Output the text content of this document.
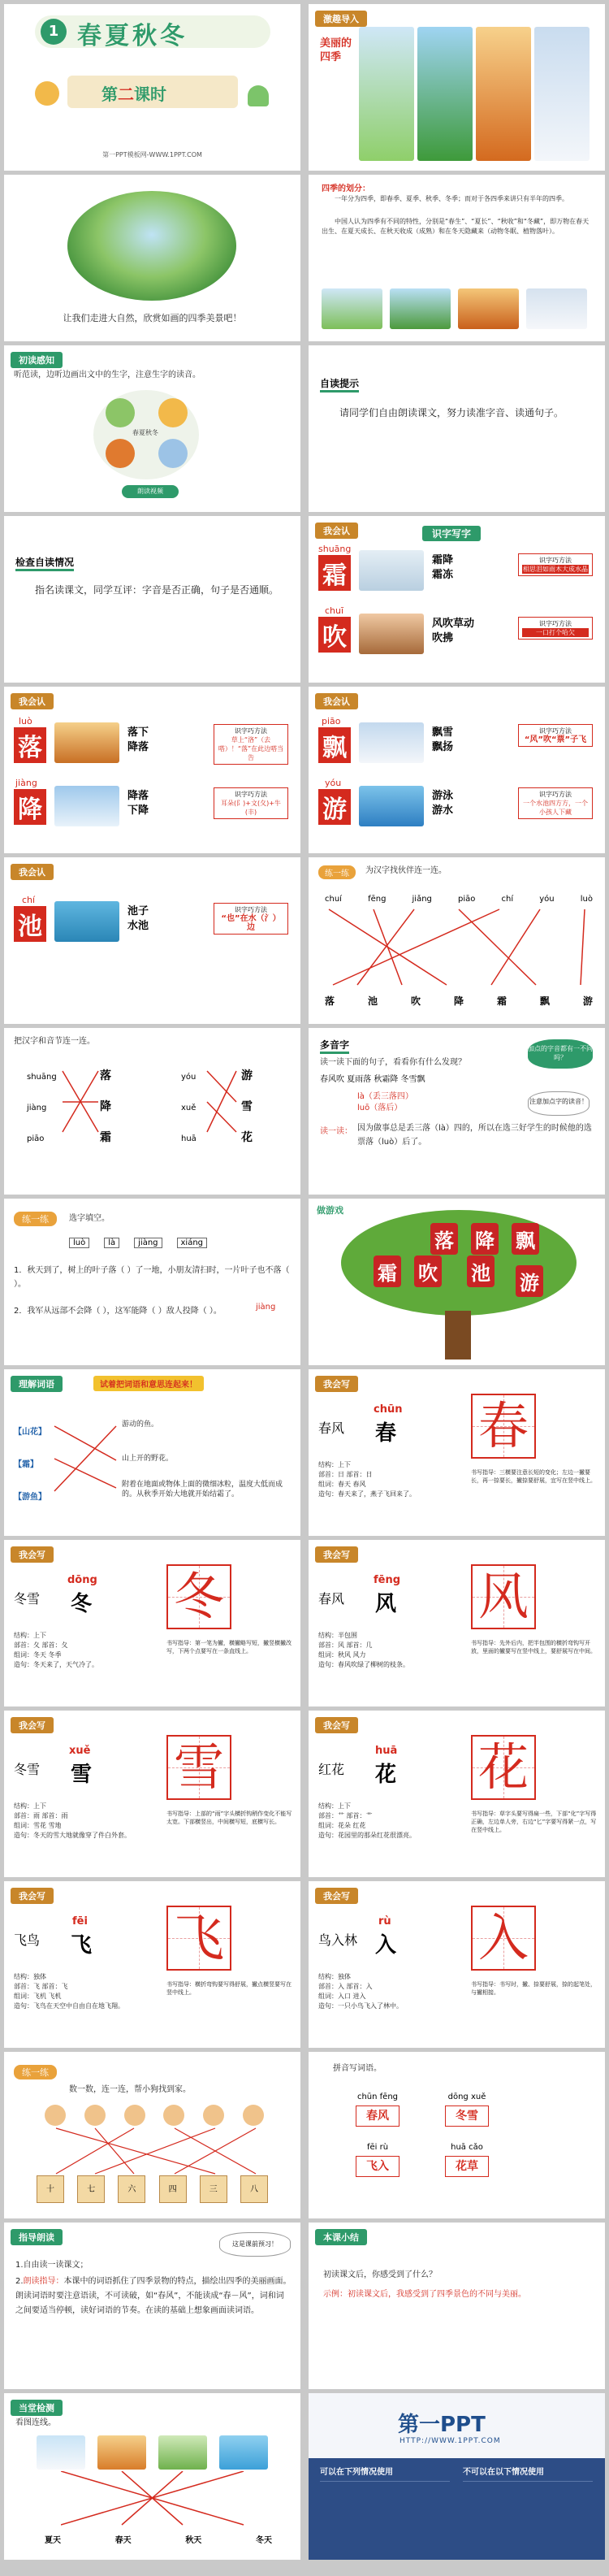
1 春夏秋冬
第二课时
第一PPT模板网-WWW.1PPT.COM
激趣导入
美丽的四季
让我们走进大自然，欣赏如画的四季美景吧！
四季的划分：
一年分为四季，即春季、夏季、秋季、冬季；而对于各四季来讲只有半年的四季。
中国人认为四季有不同的特性，分别是“春生”、“夏长”、“秋收”和“冬藏”，即万物在春天出生、在夏天成长、在秋天收成（成熟）和在冬天隐藏来（动物冬眠、植物落叶）。
初读感知
听范读，边听边画出文中的生字，注意生字的读音。
春夏秋冬
朗读视频
自读提示
请同学们自由朗读课文，努力读准字音、读通句子。
检查自读情况
指名读课文，同学互评：字音是否正确，句子是否通顺。
我会认	识字写字
shuāng
霜
霜降
霜冻
识字巧方法
相思泪如雨木大成水晶
chuī
吹	风吹草动
吹拂
识字巧方法
一口打个哈欠
我会认
luò
落
落下
降落
识字巧方法
草上“洛”（去嗒）！“落”在此边嗒当告
jiàng
降	降落
下降
识字巧方法
耳朵(阝)+文(夂)+牛(丰)
我会认
piāo
飘
飘雪
飘扬
识字巧方法
“风”吹“票”子飞
yóu
游	游泳
游水
识字巧方法
一个水池四方方，一个小孩人下藏
我会认
chí
池
池子
水池
识字巧方法
“也”在水（氵）边
练一练	为汉字找伙伴连一连。
chuí	fēng	jiǎng	piāo	chí	yóu	luò
落	池	吹	降	霜	飘	游
把汉字和音节连一连。
shuāng
jiàng
piāo
落
降
霜
yóu
xuě
huā
游
雪
花
多音字
读一读下面的句子，看看你有什么发现？
加点的字音都有一不同吗？
春风吹 夏雨落 秋霜降 冬雪飘
là（丢三落四）
luō（落后）
注意加点字的读音！
读一读： 因为做事总是丢三落（là）四的，所以在选三好学生的时候他的选票落（luò）后了。
练一练	选字填空。
luò	là	jiàng	xiáng
1．秋天到了，树上的叶子落（ ）了一地，小朋友清扫时，一片叶子也不落（ ）。
2．我军从远部不会降（ ），这军能降（ ）敌人投降（ ）。	jiàng
做游戏
落 降 飘
霜 吹 池 游
理解词语	试着把词语和意思连起来！
【山花】
【霜】
【游鱼】
游动的鱼。
山上开的野花。
附着在地面或物体上面的微细冰粒，温度大低而成的。从秋季开始大地就开始结霜了。
我会写
春风
chūn
春 春
结构：上下
部首：日 部首：日
组词：春天 春风
造句：春天来了，燕子飞回来了。
书写指导：三横要注意长短的变化；左边一撇要长，再一捺要长，撇捺要舒展，宜写在竖中线上。
我会写
冬雪
dōng
冬 冬
结构：上下
部首：夂 部首：夂
组词：冬天 冬季
造句：冬天来了，天气冷了。
书写指导：第一笔为撇，横撇略写短，撇竖横撇改写，下两个点要写在一条直线上。
我会写
春风
fēng
风 风
结构：半包围
部首：风 部首：几
组词：秋风 风力
造句：春风吹绿了柳树的枝条。
书写指导：先外后内，把半包围的横折弯钩写开放，里面的撇要写在竖中线上，要舒展写在中间。
我会写
冬雪
xuě
雪 雪
结构：上下
部首：雨 部首：雨
组词：雪花 雪地
造句：冬天的雪大地就像穿了件白外套。
书写指导：上部的“雨”字头横折钩稍作变化不能写太宽。下部横竖出，中间横写短，底横写长。
我会写
红花
huā
花 花
结构：上下
部首：艹 部首：艹
组词：花朵 红花
造句：花园里的那朵红花很漂亮。
书写指导：草字头要写得扁一些，下部“化”字写得正确，左边单人旁，右边“匕”字要写得紧一点，写在竖中线上。
我会写
飞鸟
fēi
飞 飞
结构：独体
部首：飞 部首：飞
组词：飞机 飞机
造句：飞鸟在天空中自由自在地飞翔。
书写指导：横折弯钩要写得舒展，撇点横竖要写在竖中线上。
我会写
鸟入林
rù
入 入
结构：独体
部首：入 部首：入
组词：入口 进入
造句：一只小鸟飞入了林中。
书写指导：书写时，撇、捺要舒展，捺的起笔处，与撇相接。
练一练
数一数，连一连，帮小狗找到家。
十	七	六	四	三	八
拼音写词语。
chūn fēng
春风
dōng xuě
冬雪
fēi rù
飞入
huā cǎo
花草
指导朗读
这是课前预习！
1.自由读一读课文；
2.朗读指导：本课中的词语抓住了四季景物的特点，描绘出四季的美丽画面。朗读词语时要注意语读，不可读破，如“春风”，不能读成“春－风”，词和词之间要适当停顿，读好词语的节奏。在读的基础上想象画面读词语。
本课小结
初读课文后，你感受到了什么？
示例：初读课文后，我感受到了四季景色的不同与美丽。
当堂检测
看图连线。
夏天	春天	秋天	冬天
第一PPT
HTTP://WWW.1PPT.COM
可以在下列情况使用	不可以在以下情况使用
